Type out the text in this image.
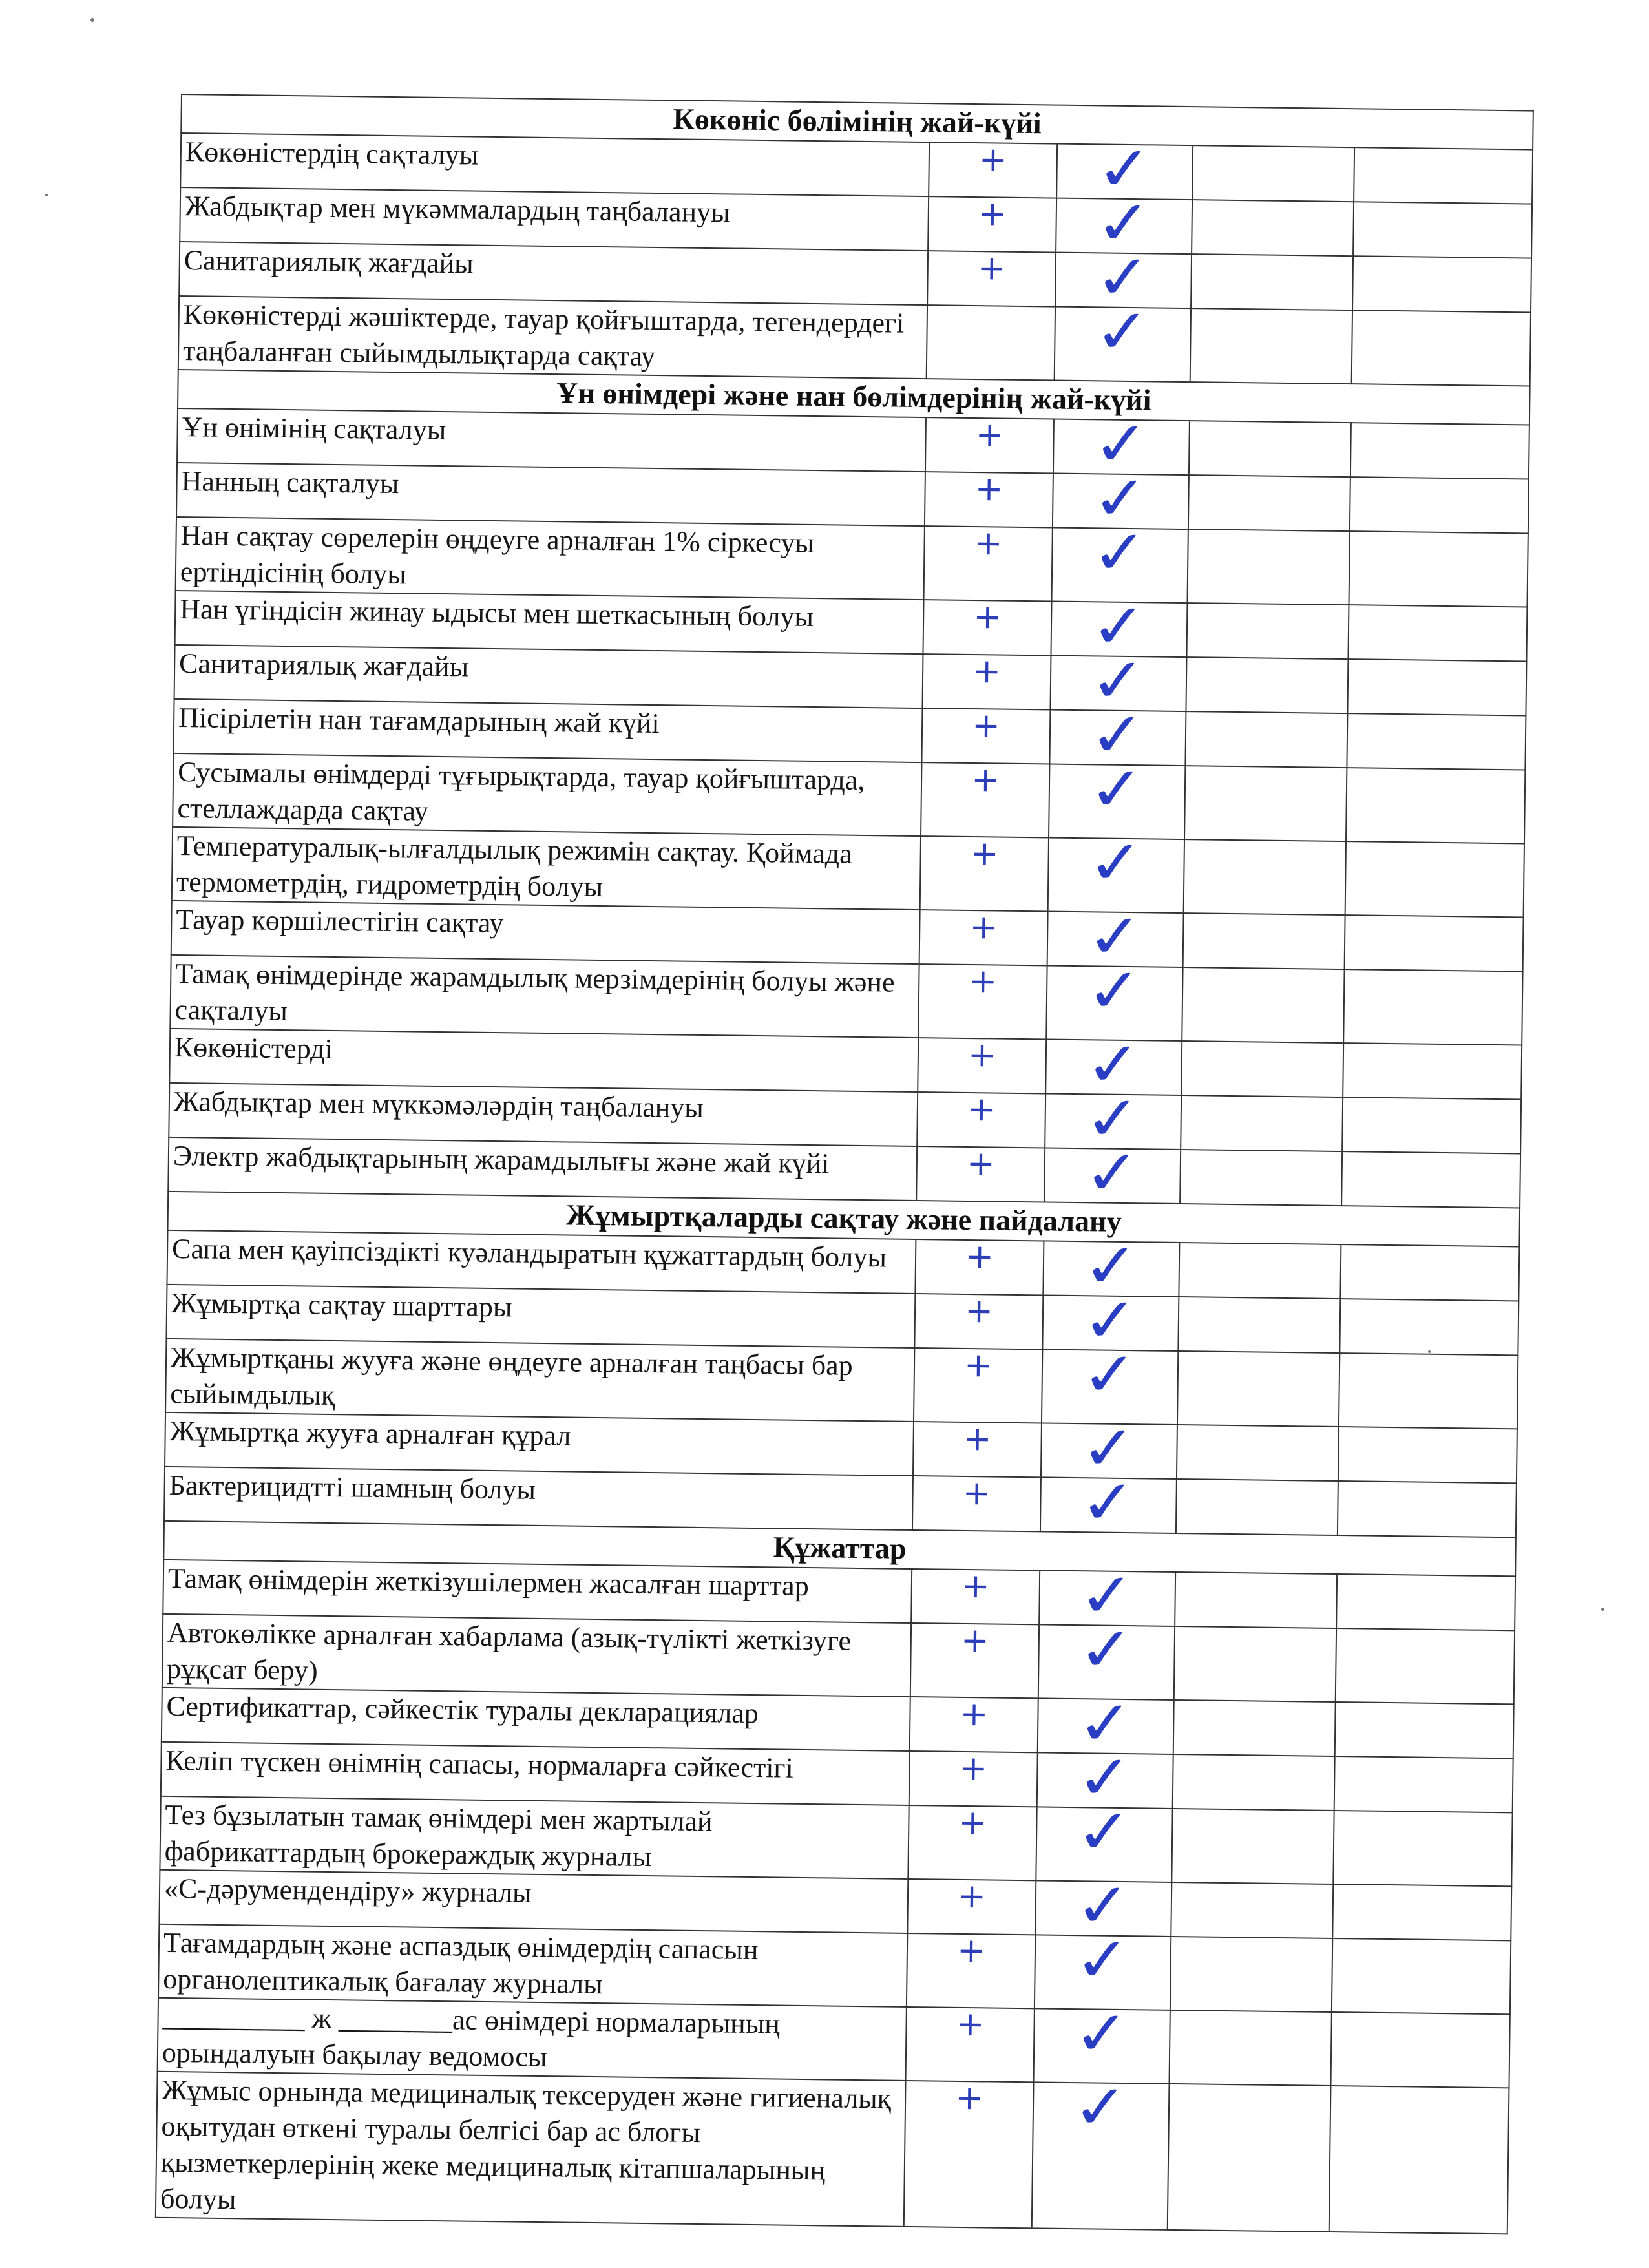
Көкөніс бөлімінің жай-күйі				
Көкөністердің сақталуы	+	✓		
Жабдықтар мен мүкәммалардың таңбалануы	+	✓		
Санитариялық жағдайы	+	✓		
Көкөністерді жәшіктерде, тауар қойғыштарда, тегендердегі таңбаланған сыйымдылықтарда сақтау		✓		
Ұн өнімдері және нан бөлімдерінің жай-күйі				
Ұн өнімінің сақталуы	+	✓		
Нанның сақталуы	+	✓		
Нан сақтау сөрелерін өңдеуге арналған 1% сіркесуы ертіндісінің болуы	+	✓		
Нан үгіндісін жинау ыдысы мен шеткасының болуы	+	✓		
Санитариялық жағдайы	+	✓		
Пісірілетін нан тағамдарының жай күйі	+	✓		
Сусымалы өнімдерді тұғырықтарда, тауар қойғыштарда, стеллаждарда сақтау	+	✓		
Температуралық-ылғалдылық режимін сақтау. Қоймада термометрдің, гидрометрдің болуы	+	✓		
Тауар көршілестігін сақтау	+	✓		
Тамақ өнімдерінде жарамдылық мерзімдерінің болуы және сақталуы	+	✓		
Көкөністерді	+	✓		
Жабдықтар мен мүккәмәләрдің таңбалануы	+	✓		
Электр жабдықтарының жарамдылығы және жай күйі	+	✓		
Жұмыртқаларды сақтау және пайдалану				
Сапа мен қауіпсіздікті куәландыратын құжаттардың болуы	+	✓		
Жұмыртқа сақтау шарттары	+	✓		
Жұмыртқаны жууға және өңдеуге арналған таңбасы бар сыйымдылық	+	✓		
Жұмыртқа жууға арналған құрал	+	✓		
Бактерицидтті шамның болуы	+	✓		
Құжаттар				
Тамақ өнімдерін жеткізушілермен жасалған шарттар	+	✓		
Автокөлікке арналған хабарлама (азық-түлікті жеткізуге рұқсат беру)	+	✓		
Сертификаттар, сәйкестік туралы декларациялар	+	✓		
Келіп түскен өнімнің сапасы, нормаларға сәйкестігі	+	✓		
Тез бұзылатын тамақ өнімдері мен жартылай фабрикаттардың брокераждық журналы	+	✓		
«С-дәрумендендіру» журналы	+	✓		
Тағамдардың және аспаздық өнімдердің сапасын органолептикалық бағалау журналы	+	✓		
__________ ж ________ас өнімдері нормаларының орындалуын бақылау ведомосы	+	✓		
Жұмыс орнында медициналық тексеруден және гигиеналық оқытудан өткені туралы белгісі бар ас блогы қызметкерлерінің жеке медициналық кітапшаларының болуы	+	✓		
